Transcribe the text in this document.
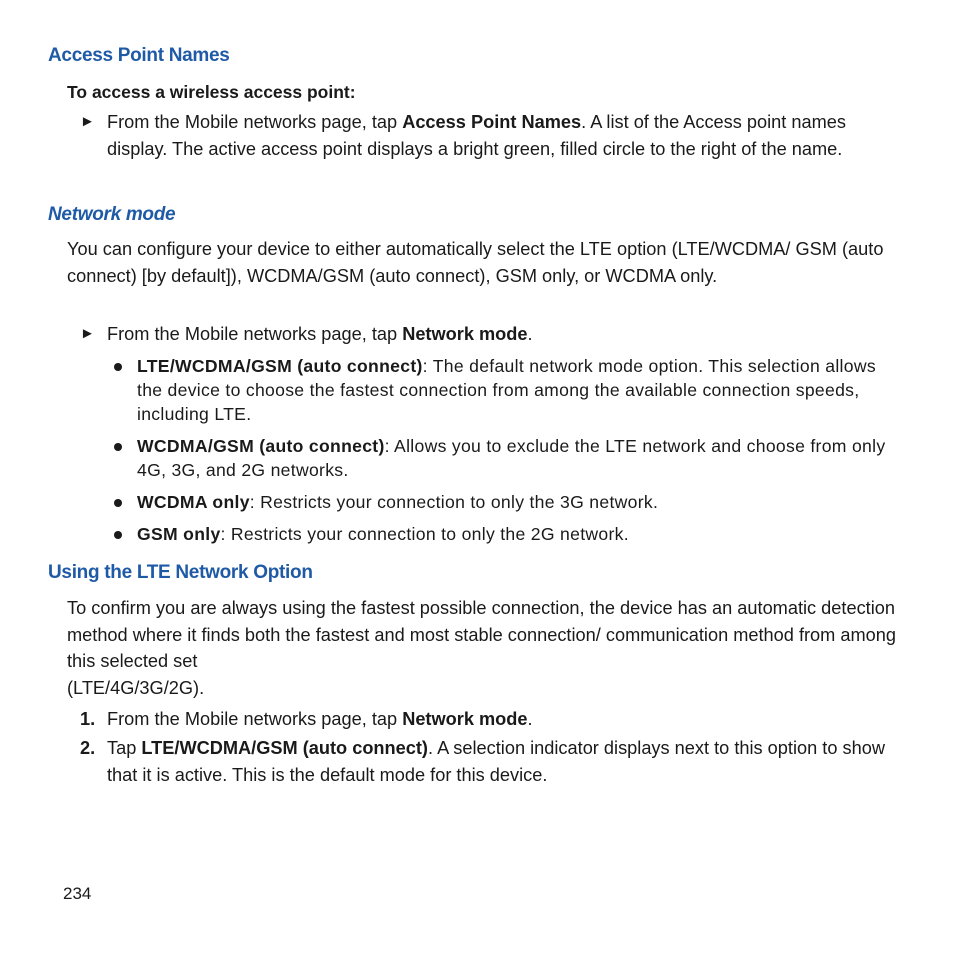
Access Point Names
To access a wireless access point:
► From the Mobile networks page, tap Access Point Names. A list of the Access point names display. The active access point displays a bright green, filled circle to the right of the name.
Network mode
You can configure your device to either automatically select the LTE option (LTE/WCDMA/ GSM (auto connect) [by default]), WCDMA/GSM (auto connect), GSM only, or WCDMA only.
► From the Mobile networks page, tap Network mode.
LTE/WCDMA/GSM (auto connect): The default network mode option. This selection allows the device to choose the fastest connection from among the available connection speeds, including LTE.
WCDMA/GSM (auto connect): Allows you to exclude the LTE network and choose from only 4G, 3G, and 2G networks.
WCDMA only: Restricts your connection to only the 3G network.
GSM only: Restricts your connection to only the 2G network.
Using the LTE Network Option
To confirm you are always using the fastest possible connection, the device has an automatic detection method where it finds both the fastest and most stable connection/ communication method from among this selected set
(LTE/4G/3G/2G).
1. From the Mobile networks page, tap Network mode.
2. Tap LTE/WCDMA/GSM (auto connect). A selection indicator displays next to this option to show that it is active. This is the default mode for this device.
234
